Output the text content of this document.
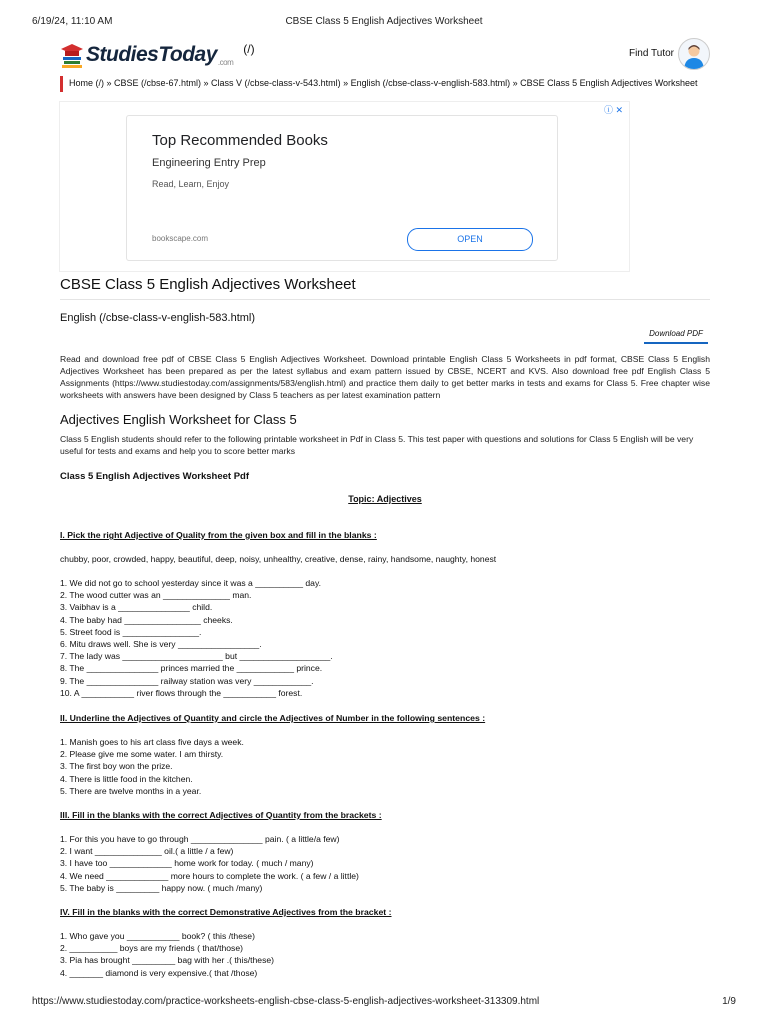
6/19/24, 11:10 AM	CBSE Class 5 English Adjectives Worksheet
StudiesToday.com
(/)	Find Tutor
Home (/) » CBSE (/cbse-67.html) » Class V (/cbse-class-v-543.html) » English (/cbse-class-v-english-583.html) » CBSE Class 5 English Adjectives Worksheet
ⓘ ✕
Top Recommended Books
Engineering Entry Prep
Read, Learn, Enjoy
bookscape.com	OPEN
CBSE Class 5 English Adjectives Worksheet
English (/cbse-class-v-english-583.html)
Download PDF
Read and download free pdf of CBSE Class 5 English Adjectives Worksheet. Download printable English Class 5 Worksheets in pdf format, CBSE Class 5 English Adjectives Worksheet has been prepared as per the latest syllabus and exam pattern issued by CBSE, NCERT and KVS. Also download free pdf English Class 5 Assignments (https://www.studiestoday.com/assignments/583/english.html) and practice them daily to get better marks in tests and exams for Class 5. Free chapter wise worksheets with answers have been designed by Class 5 teachers as per latest examination pattern
Adjectives English Worksheet for Class 5
Class 5 English students should refer to the following printable worksheet in Pdf in Class 5. This test paper with questions and solutions for Class 5 English will be very useful for tests and exams and help you to score better marks
Class 5 English Adjectives Worksheet Pdf
Topic: Adjectives
I. Pick the right Adjective of Quality from the given box and fill in the blanks :
chubby, poor, crowded, happy, beautiful, deep, noisy, unhealthy, creative, dense, rainy, handsome, naughty, honest
1. We did not go to school yesterday since it was a __________ day.
2. The wood cutter was an ______________ man.
3. Vaibhav is a _______________ child.
4. The baby had ________________ cheeks.
5. Street food is ________________.
6. Mitu draws well. She is very _________________.
7. The lady was _____________________ but ___________________.
8. The _______________ princes married the ____________ prince.
9. The _______________ railway station was very ____________.
10. A ___________ river flows through the ___________ forest.
II. Underline the Adjectives of Quantity and circle the Adjectives of Number in the following sentences :
1. Manish goes to his art class five days a week.
2. Please give me some water. I am thirsty.
3. The first boy won the prize.
4. There is little food in the kitchen.
5. There are twelve months in a year.
III. Fill in the blanks with the correct Adjectives of Quantity from the brackets :
1. For this you have to go through _______________ pain. ( a little/a few)
2. I want ______________ oil.( a little / a few)
3. I have too _____________ home work for today. ( much / many)
4. We need _____________ more hours to complete the work. ( a few / a little)
5. The baby is _________ happy now. ( much /many)
IV. Fill in the blanks with the correct Demonstrative Adjectives from the bracket :
1. Who gave you ___________ book? ( this /these)
2. __________ boys are my friends ( that/those)
3. Pia has brought _________ bag with her .( this/these)
4. _______ diamond is very expensive.( that /those)
https://www.studiestoday.com/practice-worksheets-english-cbse-class-5-english-adjectives-worksheet-313309.html	1/9
